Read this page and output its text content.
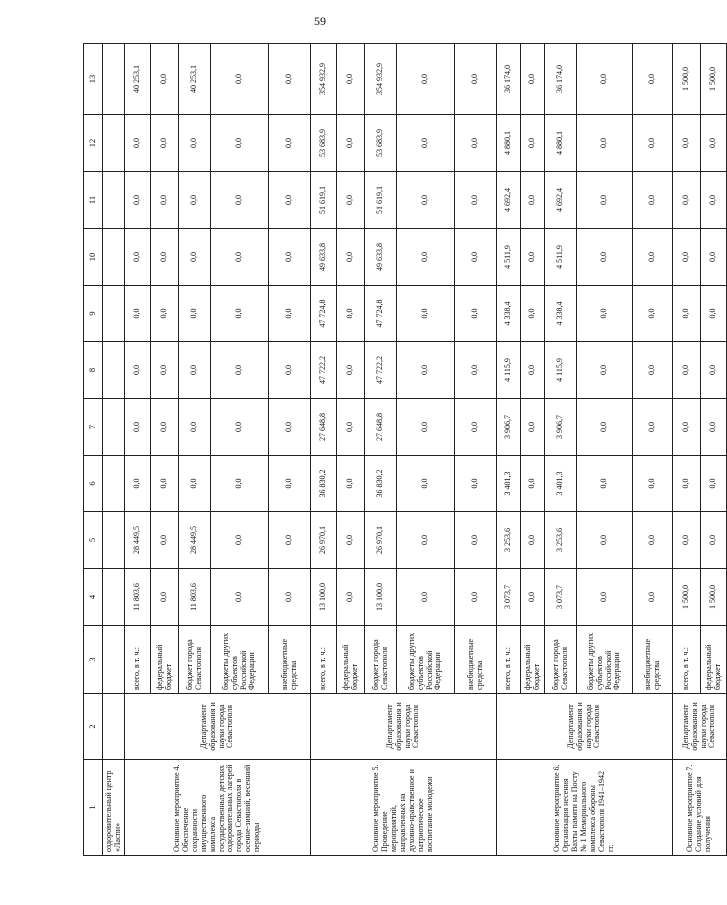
59
1	2	3	4	5	6	7	8	9	10	11	12	13
оздоровительный центр «Ласпи»												
Основное мероприятие 4. Обеспечение сохранности имущественного комплекса государственных детских оздоровительных лагерей города Севастополя в осенне-зимний, весенний периоды	Департамент образования и науки города Севастополя	всего, в т. ч.:	11 803,6	28 449,5	0,0	0,0	0,0	0,0	0,0	0,0	0,0	40 253,1
		федеральный бюджет	0,0	0,0	0,0	0,0	0,0	0,0	0,0	0,0	0,0	0,0
		бюджет города Севастополя	11 803,6	28 449,5	0,0	0,0	0,0	0,0	0,0	0,0	0,0	40 253,1
		бюджеты других субъектов Российской Федерации	0,0	0,0	0,0	0,0	0,0	0,0	0,0	0,0	0,0	0,0
		внебюджетные средства	0,0	0,0	0,0	0,0	0,0	0,0	0,0	0,0	0,0	0,0
Основное мероприятие 5. Проведение мероприятий, направленных на духовно-нравственное и патриотическое воспитание молодежи	Департамент образования и науки города Севастополя	всего, в т. ч.:	13 100,0	26 970,1	36 830,2	27 648,8	47 722,2	47 724,8	49 633,8	51 619,1	53 683,9	354 932,9
		федеральный бюджет	0,0	0,0	0,0	0,0	0,0	0,0	0,0	0,0	0,0	0,0
		бюджет города Севастополя	13 100,0	26 970,1	36 830,2	27 648,8	47 722,2	47 724,8	49 633,8	51 619,1	53 683,9	354 932,9
		бюджеты других субъектов Российской Федерации	0,0	0,0	0,0	0,0	0,0	0,0	0,0	0,0	0,0	0,0
		внебюджетные средства	0,0	0,0	0,0	0,0	0,0	0,0	0,0	0,0	0,0	0,0
Основное мероприятие 6. Организация несения Вахты памяти на Посту № 1 Мемориального комплекса обороны Севастополя 1941–1942 гг.	Департамент образования и науки города Севастополя	всего, в т. ч.:	3 073,7	3 253,6	3 401,3	3 906,7	4 115,9	4 338,4	4 511,9	4 692,4	4 880,1	36 174,0
		федеральный бюджет	0,0	0,0	0,0	0,0	0,0	0,0	0,0	0,0	0,0	0,0
		бюджет города Севастополя	3 073,7	3 253,6	3 401,3	3 906,7	4 115,9	4 338,4	4 511,9	4 692,4	4 880,1	36 174,0
		бюджеты других субъектов Российской Федерации	0,0	0,0	0,0	0,0	0,0	0,0	0,0	0,0	0,0	0,0
		внебюджетные средства	0,0	0,0	0,0	0,0	0,0	0,0	0,0	0,0	0,0	0,0
Основное мероприятие 7. Создание условий для получения	Департамент образования и науки города Севастополя	всего, в т. ч.:	1 500,0	0,0	0,0	0,0	0,0	0,0	0,0	0,0	0,0	1 500,0
		федеральный бюджет	1 500,0	0,0	0,0	0,0	0,0	0,0	0,0	0,0	0,0	1 500,0
